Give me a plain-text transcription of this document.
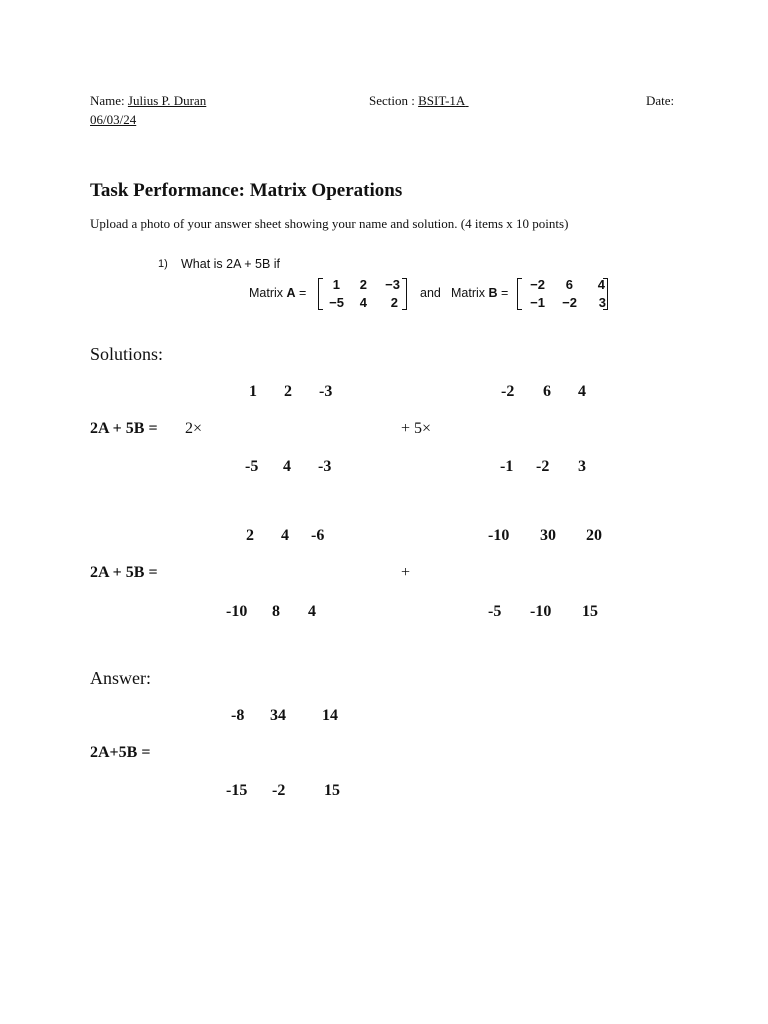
Name: Julius P. Duran	Section : BSIT-1A	Date:
06/03/24
Task Performance: Matrix Operations
Upload a photo of your answer sheet showing your name and solution. (4 items x 10 points)
1) What is 2A + 5B if
Matrix A =
1	2	−3
−5	4	2
and Matrix B =
−2	6	4
−1	−2	3
Solutions:
1 2 -3	-2 6 4
2A + 5B = 2×	+ 5×
-5 4 -3	-1 -2 3
2 4 -6	-10 30 20
2A + 5B =	+
-10 8 4	-5 -10 15
Answer:
-8 34 14
2A+5B =
-15 -2 15
